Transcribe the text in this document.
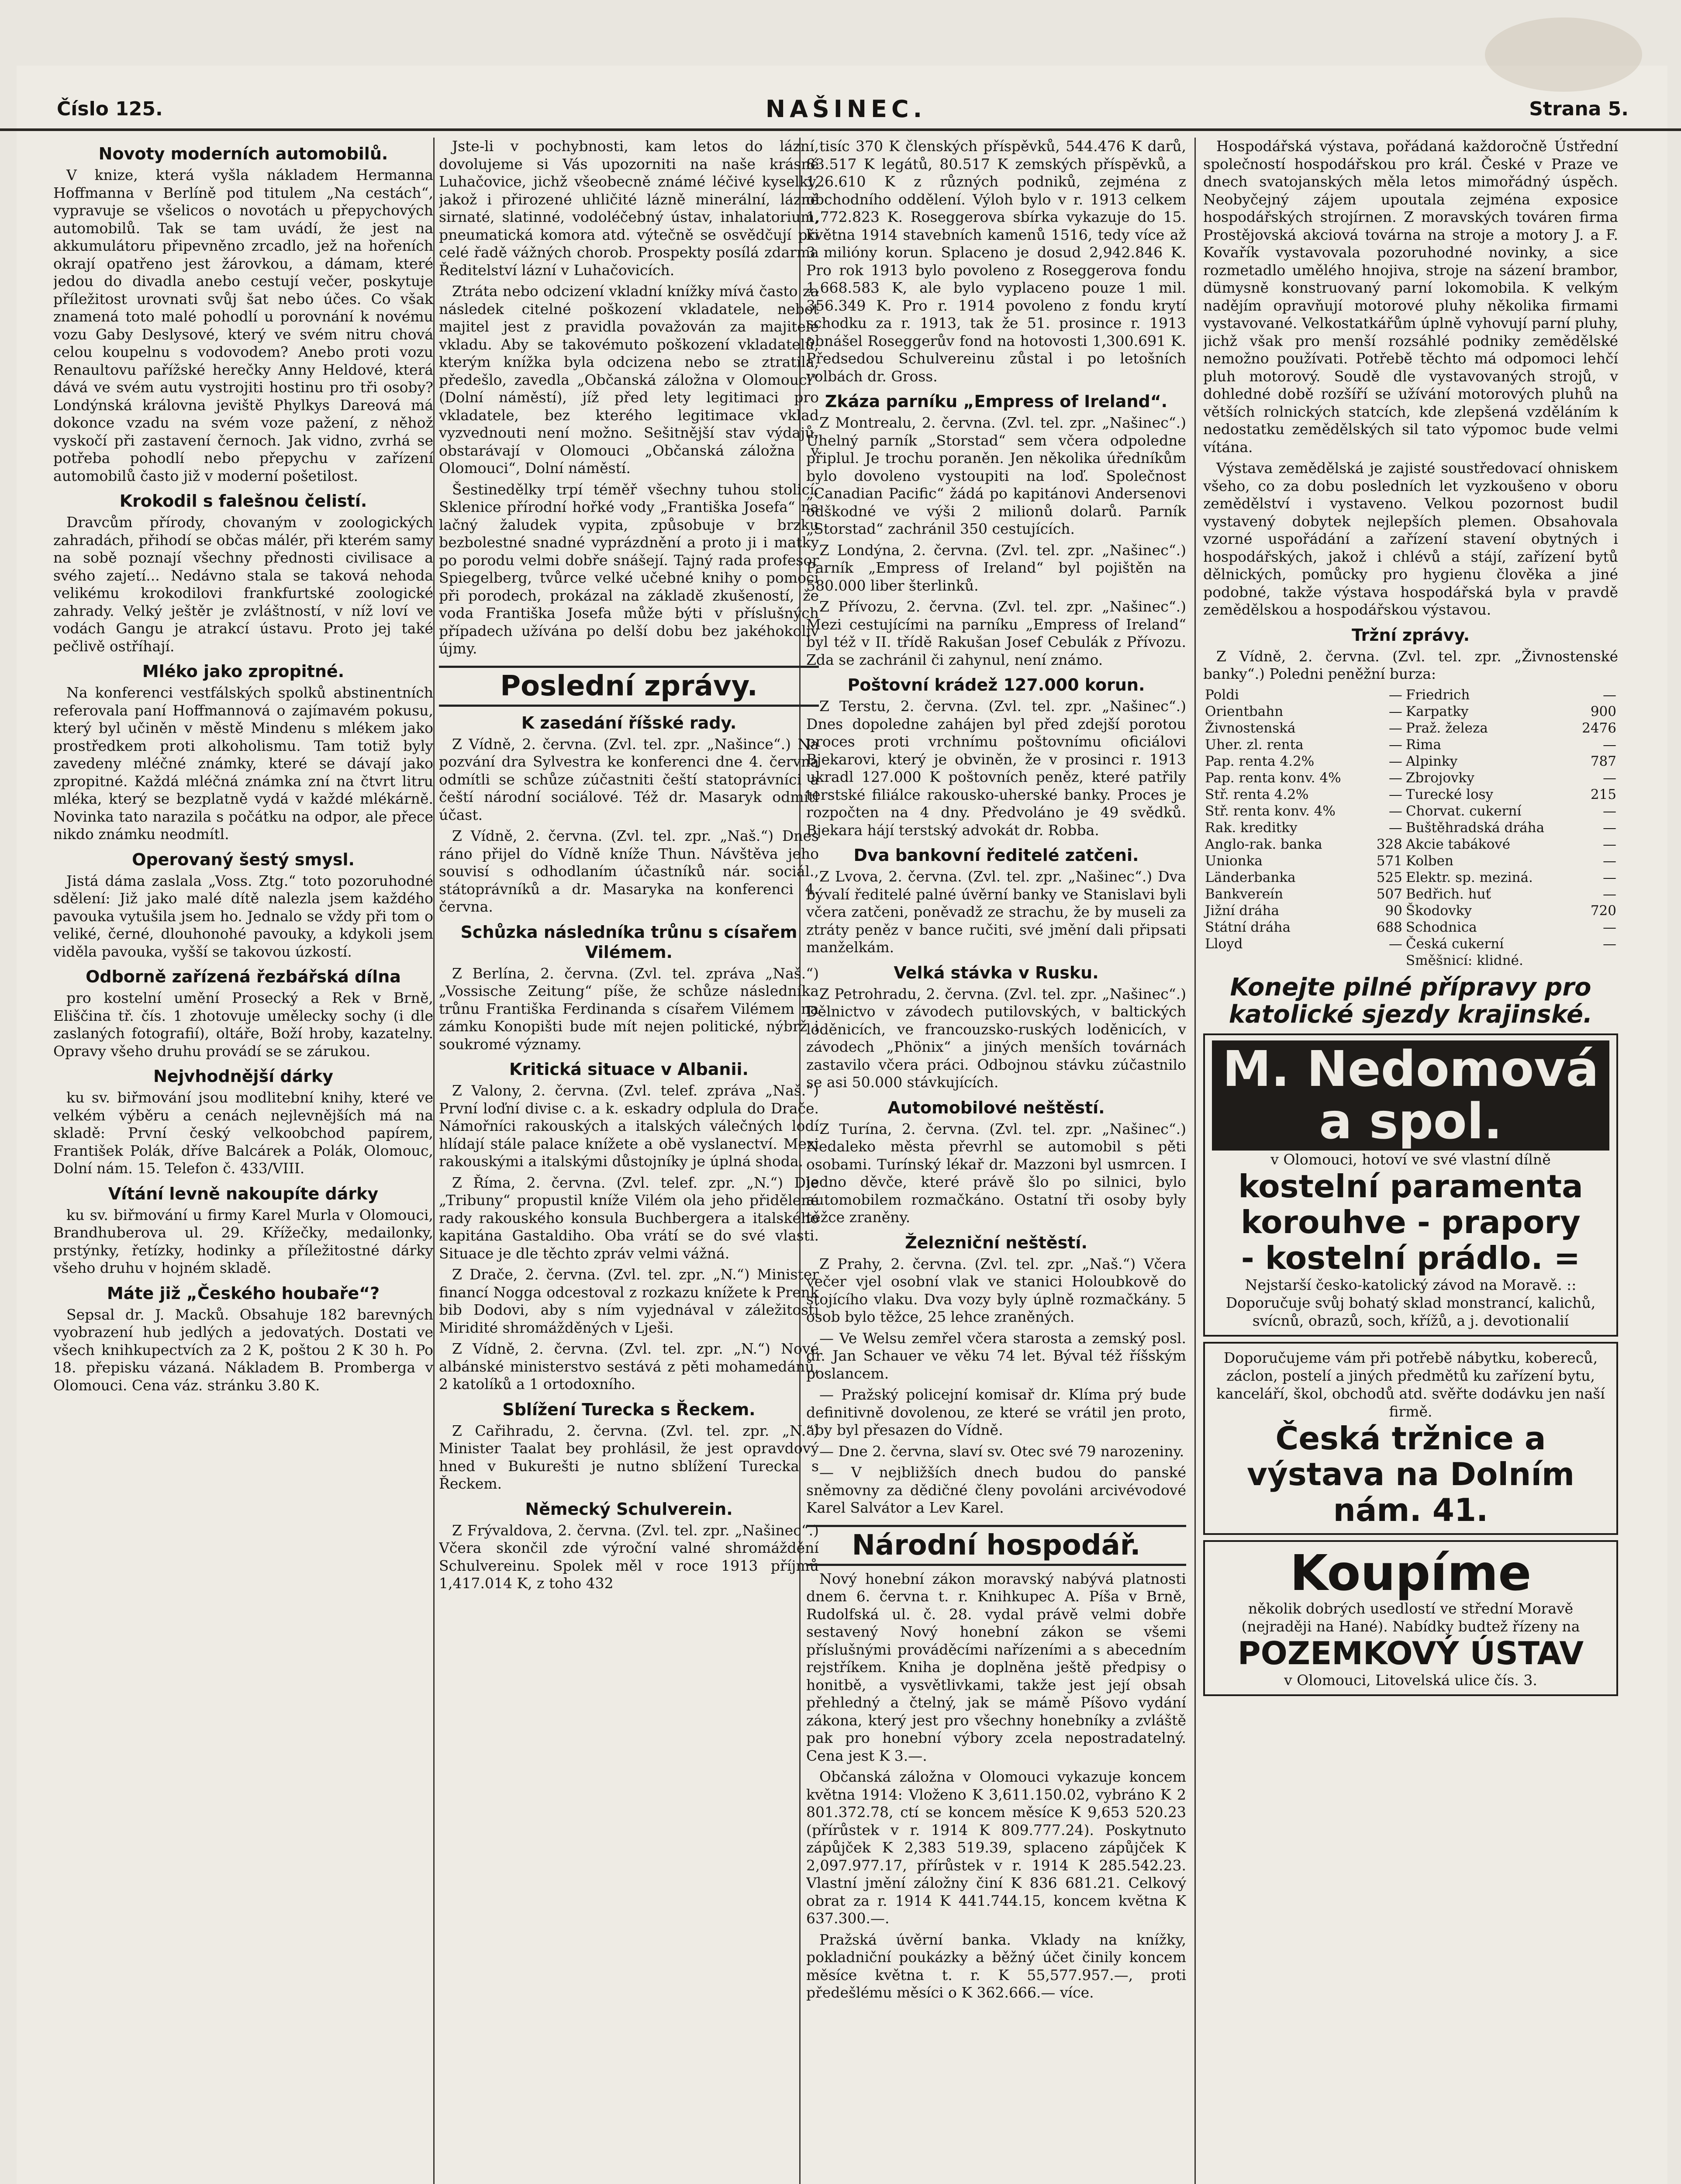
Číslo 125.	NAŠINEC.	Strana 5.
Novoty moderních automobilů.

V knize, která vyšla nákladem Hermanna Hoffmanna v Berlíně pod titulem „Na cestách“, vypravuje se všelicos o novotách u přepychových automobilů. Tak se tam uvádí, že jest na akkumulátoru připevněno zrcadlo, jež na hořeních okrají opatřeno jest žárovkou, a dámam, které jedou do divadla anebo cestují večer, poskytuje příležitost urovnati svůj šat nebo účes. Co však znamená toto malé pohodlí u porovnání k novému vozu Gaby Deslysové, který ve svém nitru chová celou koupelnu s vodovodem? Anebo proti vozu Renaultovu pařížské herečky Anny Heldové, která dává ve svém autu vystrojiti hostinu pro tři osoby? Londýnská královna jeviště Phylkys Dareová má dokonce vzadu na svém voze pažení, z něhož vyskočí při zastavení černoch. Jak vidno, zvrhá se potřeba pohodlí nebo přepychu v zařízení automobilů často již v moderní pošetilost.

Krokodil s falešnou čelistí.

Dravcům přírody, chovaným v zoologických zahradách, přihodí se občas málér, při kterém samy na sobě poznají všechny přednosti civilisace a svého zajetí... Nedávno stala se taková nehoda velikému krokodilovi frankfurtské zoologické zahrady. Velký ještěr je zvláštností, v níž loví ve vodách Gangu je atrakcí ústavu. Proto jej také pečlivě ostříhají.

Mléko jako zpropitné.

Na konferenci vestfálských spolků abstinentních referovala paní Hoffmannová o zajímavém pokusu, který byl učiněn v městě Mindenu s mlékem jako prostředkem proti alkoholismu. Tam totiž byly zavedeny mléčné známky, které se dávají jako zpropitné. Každá mléčná známka zní na čtvrt litru mléka, který se bezplatně vydá v každé mlékárně. Novinka tato narazila s počátku na odpor, ale přece nikdo známku neodmítl.

Operovaný šestý smysl.

Jistá dáma zaslala „Voss. Ztg.“ toto pozoruhodné sdělení: Již jako malé dítě nalezla jsem každého pavouka vytušila jsem ho. Jednalo se vždy při tom o veliké, černé, dlouhonohé pavouky, a kdykoli jsem viděla pavouka, vyšší se takovou úzkostí.

Odborně zařízená řezbářská dílna

pro kostelní umění Prosecký a Rek v Brně, Eliščina tř. čís. 1 zhotovuje umělecky sochy (i dle zaslaných fotografií), oltáře, Boží hroby, kazatelny. Opravy všeho druhu provádí se se zárukou.

Nejvhodnější dárky

ku sv. biřmování jsou modlitební knihy, které ve velkém výběru a cenách nejlevnějších má na skladě: První český velkoobchod papírem, František Polák, dříve Balcárek a Polák, Olomouc, Dolní nám. 15. Telefon č. 433/VIII.

Vítání levně nakoupíte dárky

ku sv. biřmování u firmy Karel Murla v Olomouci, Brandhuberova ul. 29. Křížečky, medailonky, prstýnky, řetízky, hodinky a příležitostné dárky všeho druhu v hojném skladě.

Máte již „Českého houbaře“?

Sepsal dr. J. Macků. Obsahuje 182 barevných vyobrazení hub jedlých a jedovatých. Dostati ve všech knihkupectvích za 2 K, poštou 2 K 30 h. Po 18. přepisku vázaná. Nákladem B. Promberga v Olomouci. Cena váz. stránku 3.80 K.

Jste-li v pochybnosti, kam letos do lázní, dovolujeme si Vás upozorniti na naše krásné Luhačovice, jichž všeobecně známé léčivé kyselky, jakož i přirozené uhličité lázně minerální, lázně sirnaté, slatinné, vodoléčebný ústav, inhalatorium, pneumatická komora atd. výtečně se osvědčují při celé řadě vážných chorob. Prospekty posílá zdarma Ředitelství lázní v Luhačovicích.

Ztráta nebo odcizení vkladní knížky mívá často za následek citelné poškození vkladatele, neboť majitel jest z pravidla považován za majitele vkladu. Aby se takovémuto poškození vkladatelů, kterým knížka byla odcizena nebo se ztratila, předešlo, zavedla „Občanská záložna v Olomouci“ (Dolní náměstí), jíž před lety legitimaci pro vkladatele, bez kterého legitimace vklad vyzvednouti není možno. Sešitnější stav výdajů, obstarávají v Olomouci „Občanská záložna v Olomouci“, Dolní náměstí.

Šestinedělky trpí téměř všechny tuhou stolicí. Sklenice přírodní hořké vody „Františka Josefa“ na lačný žaludek vypita, způsobuje v brzku bezbolestné snadné vyprázdnění a proto ji i matky po porodu velmi dobře snášejí. Tajný rada profesor Spiegelberg, tvůrce velké učebné knihy o pomoci při porodech, prokázal na základě zkušeností, že voda Františka Josefa může býti v příslušných případech užívána po delší dobu bez jakéhokoliv újmy.

Poslední zprávy.
K zasedání říšské rady.

Z Vídně, 2. června. (Zvl. tel. zpr. „Našince“.) Na pozvání dra Sylvestra ke konferenci dne 4. června odmítli se schůze zúčastniti čeští statoprávníci a čeští národní sociálové. Též dr. Masaryk odmítl účast.

Z Vídně, 2. června. (Zvl. tel. zpr. „Naš.“) Dnes ráno přijel do Vídně kníže Thun. Návštěva jeho souvisí s odhodlaním účastníků nár. sociál., státoprávníků a dr. Masaryka na konferenci 4. června.

Schůzka následníka trůnu s císařem Vilémem.

Z Berlína, 2. června. (Zvl. tel. zpráva „Naš.“) „Vossische Zeitung“ píše, že schůze následníka trůnu Františka Ferdinanda s císařem Vilémem na zámku Konopišti bude mít nejen politické, nýbrž i soukromé významy.

Kritická situace v Albanii.

Z Valony, 2. června. (Zvl. telef. zpráva „Naš.“) První loďní divise c. a k. eskadry odplula do Drače. Námořníci rakouských a italských válečných lodí hlídají stále palace knížete a obě vyslanectví. Mezi rakouskými a italskými důstojníky je úplná shoda.

Z Říma, 2. června. (Zvl. telef. zpr. „N.“) Dle „Tribuny“ propustil kníže Vilém ola jeho přidělené rady rakouského konsula Buchbergera a italského kapitána Gastaldiho. Oba vrátí se do své vlasti. Situace je dle těchto zpráv velmi vážná.

Z Drače, 2. června. (Zvl. tel. zpr. „N.“) Minister financí Nogga odcestoval z rozkazu knížete k Prenk bib Dodovi, aby s ním vyjednával v záležitosti Miridité shromážděných v Lješi.

Z Vídně, 2. června. (Zvl. tel. zpr. „N.“) Nové albánské ministerstvo sestává z pěti mohamedánů, 2 katolíků a 1 ortodoxního.

Sblížení Turecka s Řeckem.

Z Cařihradu, 2. června. (Zvl. tel. zpr. „N.“) Minister Taalat bey prohlásil, že jest opravdový hned v Bukurešti je nutno sblížení Turecka s Řeckem.

Německý Schulverein.

Z Frývaldova, 2. června. (Zvl. tel. zpr. „Našinec“.) Včera skončil zde výroční valné shromáždění Schulvereinu. Spolek měl v roce 1913 příjmů 1,417.014 K, z toho 432

tisíc 370 K členských příspěvků, 544.476 K darů, 83.517 K legátů, 80.517 K zemských příspěvků, a 126.610 K z různých podniků, zejména z obchodního oddělení. Výloh bylo v r. 1913 celkem 1,772.823 K. Roseggerova sbírka vykazuje do 15. května 1914 stavebních kamenů 1516, tedy více až 3 milióny korun. Splaceno je dosud 2,942.846 K. Pro rok 1913 bylo povoleno z Roseggerova fondu 1,668.583 K, ale bylo vyplaceno pouze 1 mil. 356.349 K. Pro r. 1914 povoleno z fondu krytí schodku za r. 1913, tak že 51. prosince r. 1913 obnášel Roseggerův fond na hotovosti 1,300.691 K. Předsedou Schulvereinu zůstal i po letošních volbách dr. Gross.

Zkáza parníku „Empress of Ireland“.

Z Montrealu, 2. června. (Zvl. tel. zpr. „Našinec“.) Úhelný parník „Storstad“ sem včera odpoledne připlul. Je trochu poraněn. Jen několika úředníkům bylo dovoleno vystoupiti na loď. Společnost „Canadian Pacific“ žádá po kapitánovi Andersenovi odškodné ve výši 2 milionů dolarů. Parník „Storstad“ zachránil 350 cestujících.

Z Londýna, 2. června. (Zvl. tel. zpr. „Našinec“.) Parník „Empress of Ireland“ byl pojištěn na 580.000 liber šterlinků.

Z Přívozu, 2. června. (Zvl. tel. zpr. „Našinec“.) Mezi cestujícími na parníku „Empress of Ireland“ byl též v II. třídě Rakušan Josef Cebulák z Přívozu. Zda se zachránil či zahynul, není známo.

Poštovní krádež 127.000 korun.

Z Terstu, 2. června. (Zvl. tel. zpr. „Našinec“.) Dnes dopoledne zahájen byl před zdejší porotou proces proti vrchnímu poštovnímu oficiálovi Bjekarovi, který je obviněn, že v prosinci r. 1913 ukradl 127.000 K poštovních peněz, které patřily terstské filiálce rakousko-uherské banky. Proces je rozpočten na 4 dny. Předvoláno je 49 svědků. Bjekara hájí terstský advokát dr. Robba.

Dva bankovní ředitelé zatčeni.

Z Lvova, 2. června. (Zvl. tel. zpr. „Našinec“.) Dva bývalí ředitelé palné úvěrní banky ve Stanislavi byli včera zatčeni, poněvadž ze strachu, že by museli za ztráty peněz v bance ručiti, své jmění dali připsati manželkám.

Velká stávka v Rusku.

Z Petrohradu, 2. června. (Zvl. tel. zpr. „Našinec“.) Dělnictvo v závodech putilovských, v baltických loděnicích, ve francouzsko-ruských loděnicích, v závodech „Phönix“ a jiných menších továrnách zastavilo včera práci. Odbojnou stávku zúčastnilo se asi 50.000 stávkujících.

Automobilové neštěstí.

Z Turína, 2. června. (Zvl. tel. zpr. „Našinec“.) Nedaleko města převrhl se automobil s pěti osobami. Turínský lékař dr. Mazzoni byl usmrcen. I jedno děvče, které právě šlo po silnici, bylo automobilem rozmačkáno. Ostatní tři osoby byly těžce zraněny.

Železniční neštěstí.

Z Prahy, 2. června. (Zvl. tel. zpr. „Naš.“) Včera večer vjel osobní vlak ve stanici Holoubkově do stojícího vlaku. Dva vozy byly úplně rozmačkány. 5 osob bylo těžce, 25 lehce zraněných.

— Ve Welsu zemřel včera starosta a zemský posl. dr. Jan Schauer ve věku 74 let. Býval též říšským poslancem.

— Pražský policejní komisař dr. Klíma prý bude definitivně dovolenou, ze které se vrátil jen proto, aby byl přesazen do Vídně.

— Dne 2. června, slaví sv. Otec své 79 narozeniny.

— V nejbližších dnech budou do panské sněmovny za dědičné členy povoláni arcivévodové Karel Salvátor a Lev Karel.

Národní hospodář.

Nový honební zákon moravský nabývá platnosti dnem 6. června t. r. Knihkupec A. Píša v Brně, Rudolfská ul. č. 28. vydal právě velmi dobře sestavený Nový honební zákon se všemi příslušnými prováděcími nařízeními a s abecedním rejstříkem. Kniha je doplněna ještě předpisy o honitbě, a vysvětlivkami, takže jest její obsah přehledný a čtelný, jak se mámě Píšovo vydání zákona, který jest pro všechny honebníky a zvláště pak pro honební výbory zcela nepostradatelný. Cena jest K 3.—.

Občanská záložna v Olomouci vykazuje koncem května 1914: Vloženo K 3,611.150.02, vybráno K 2 801.372.78, ctí se koncem měsíce K 9,653 520.23 (přírůstek v r. 1914 K 809.777.24). Poskytnuto zápůjček K 2,383 519.39, splaceno zápůjček K 2,097.977.17, přírůstek v r. 1914 K 285.542.23. Vlastní jmění záložny činí K 836 681.21. Celkový obrat za r. 1914 K 441.744.15, koncem května K 637.300.—.

Pražská úvěrní banka. Vklady na knížky, pokladniční poukázky a běžný účet činily koncem měsíce května t. r. K 55,577.957.—, proti předešlému měsíci o K 362.666.— více.

Hospodářská výstava, pořádaná každoročně Ústřední společností hospodářskou pro král. České v Praze ve dnech svatojanských měla letos mimořádný úspěch. Neobyčejný zájem upoutala zejména exposice hospodářských strojírnen. Z moravských továren firma Prostějovská akciová továrna na stroje a motory J. a F. Kovařík vystavovala pozoruhodné novinky, a sice rozmetadlo umělého hnojiva, stroje na sázení brambor, dümysně konstruovaný parní lokomobila. K velkým nadějím opravňují motorové pluhy několika firmami vystavované. Velkostatkářům úplně vyhovují parní pluhy, jichž však pro menší rozsáhlé podniky zemědělské nemožno používati. Potřebě těchto má odpomoci lehčí pluh motorový. Soudě dle vystavovaných strojů, v dohledné době rozšíří se užívání motorových pluhů na větších rolnických statcích, kde zlepšená vzděláním k nedostatku zemědělských sil tato výpomoc bude velmi vítána.

Výstava zemědělská je zajisté soustředovací ohniskem všeho, co za dobu posledních let vyzkoušeno v oboru zemědělství i vystaveno. Velkou pozornost budil vystavený dobytek nejlepších plemen. Obsahovala vzorné uspořádání a zařízení stavení obytných i hospodářských, jakož i chlévů a stájí, zařízení bytů dělnických, pomůcky pro hygienu člověka a jiné podobné, takže výstava hospodářská byla v pravdě zemědělskou a hospodářskou výstavou.

Tržní zprávy.

Z Vídně, 2. června. (Zvl. tel. zpr. „Živnostenské banky“.) Poledni peněžní burza:

Poldi	—	Friedrich	—
Orientbahn	—	Karpatky	900
Živnostenská	—	Praž. železa	2476
Uher. zl. renta	—	Rima	—
Pap. renta 4.2%	—	Alpinky	787
Pap. renta konv. 4%	—	Zbrojovky	—
Stř. renta 4.2%	—	Turecké losy	215
Stř. renta konv. 4%	—	Chorvat. cukerní	—
Rak. kreditky	—	Buštěhradská dráha	—
Anglo-rak. banka	328	Akcie tabákové	—
Unionka	571	Kolben	—
Länderbanka	525	Elektr. sp. meziná.	—
Bankvereín	507	Bedřich. huť	—
Jižní dráha	90	Škodovky	720
Státní dráha	688	Schodnica	—
Lloyd	—	Česká cukerní	—
		Směšnicí: klidné.	
Konejte pilné přípravy pro katolické sjezdy krajinské.
M. Nedomová a spol.
v Olomouci, hotoví ve své vlastní dílně
kostelní paramenta
korouhve - prapory
- kostelní prádlo. =
Nejstarší česko-katolický závod na Moravě. :: Doporučuje svůj bohatý sklad monstrancí, kalichů, svícnů, obrazů, soch, křížů, a j. devotionalií
Doporučujeme vám při potřebě nábytku, kobereců, záclon, postelí a jiných předmětů ku zařízení bytu, kanceláří, škol, obchodů atd. svěřte dodávku jen naší firmě.
Česká tržnice a výstava na Dolním nám. 41.
Koupíme
několik dobrých usedlostí ve střední Moravě (nejraději na Hané). Nabídky budtež řízeny na
POZEMKOVÝ ÚSTAV
v Olomouci, Litovelská ulice čís. 3.
